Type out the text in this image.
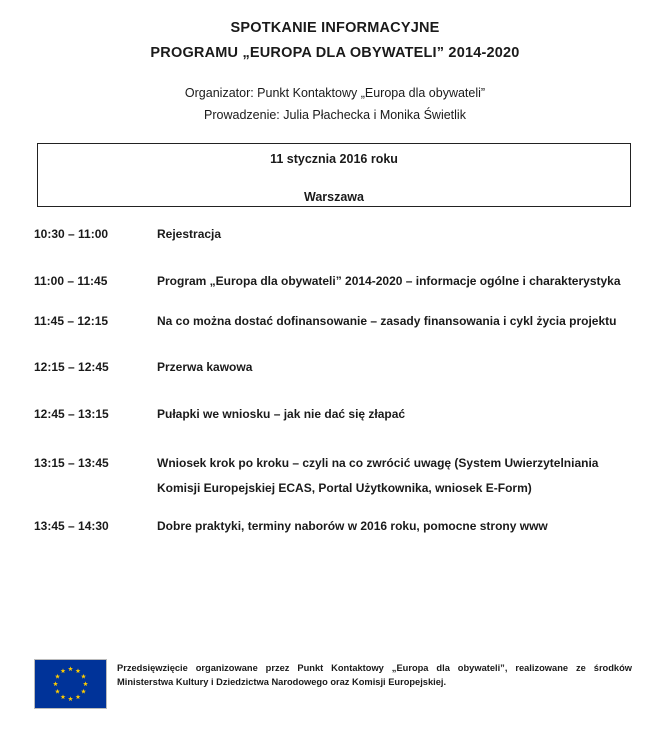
SPOTKANIE INFORMACYJNE
PROGRAMU „EUROPA DLA OBYWATELI” 2014-2020
Organizator: Punkt Kontaktowy „Europa dla obywateli”
Prowadzenie: Julia Płachecka i Monika Świetlik
11 stycznia 2016 roku
Warszawa
10:30 – 11:00	Rejestracja
11:00 – 11:45	Program „Europa dla obywateli” 2014-2020 – informacje ogólne i charakterystyka
11:45 – 12:15	Na co można dostać dofinansowanie – zasady finansowania i cykl życia projektu
12:15 – 12:45	Przerwa kawowa
12:45 – 13:15	Pułapki we wniosku – jak nie dać się złapać
13:15 – 13:45	Wniosek krok po kroku – czyli na co zwrócić uwagę (System Uwierzytelniania
Komisji Europejskiej ECAS, Portal Użytkownika, wniosek E-Form)
13:45 – 14:30	Dobre praktyki, terminy naborów w 2016 roku, pomocne strony www
Przedsięwzięcie organizowane przez Punkt Kontaktowy „Europa dla obywateli”, realizowane ze środków Ministerstwa Kultury i Dziedzictwa Narodowego oraz Komisji Europejskiej.
